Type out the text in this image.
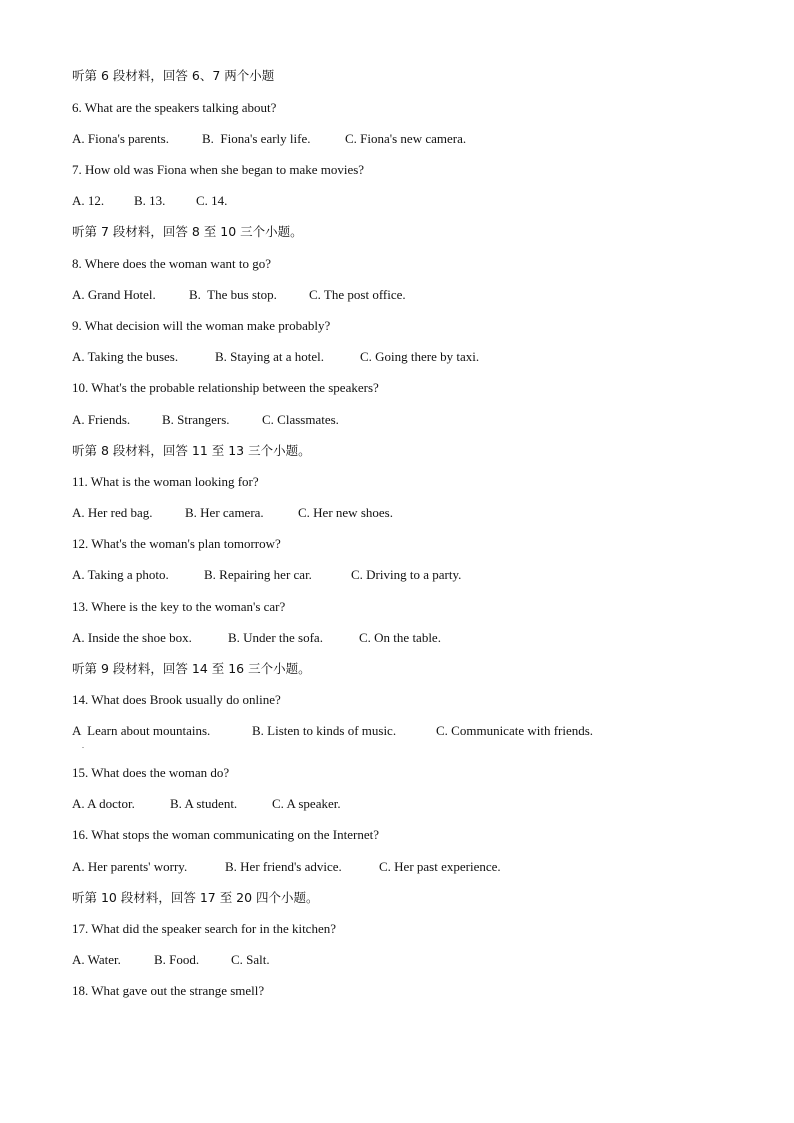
.
听第 6 段材料，回答 6、7 两个小题
6. What are the speakers talking about?
A. Fiona's parents.	B.  Fiona's early life.	C. Fiona's new camera.
7. How old was Fiona when she began to make movies?
A. 12. B. 13. C. 14.
听第 7 段材料，回答 8 至 10 三个小题。
8. Where does the woman want to go?
A. Grand Hotel.	B.  The bus stop. C. The post office.
9. What decision will the woman make probably?
A. Taking the buses.	B. Staying at a hotel.	C. Going there by taxi.
10. What's the probable relationship between the speakers?
A. Friends. B. Strangers. C. Classmates.
听第 8 段材料，回答 11 至 13 三个小题。
11. What is the woman looking for?
A. Her red bag.	B. Her camera.	C. Her new shoes.
12. What's the woman's plan tomorrow?
A. Taking a photo.	B. Repairing her car.	C. Driving to a party.
13. Where is the key to the woman's car?
A. Inside the shoe box.	B. Under the sofa.	C. On the table.
听第 9 段材料，回答 14 至 16 三个小题。
14. What does Brook usually do online?
A  Learn about mountains.	B. Listen to kinds of music.	C. Communicate with friends.
15. What does the woman do?
A. A doctor.	B. A student.	C. A speaker.
16. What stops the woman communicating on the Internet?
A. Her parents' worry.	B. Her friend's advice.	C. Her past experience.
听第 10 段材料，回答 17 至 20 四个小题。
17. What did the speaker search for in the kitchen?
A. Water.	B. Food. C. Salt.
18. What gave out the strange smell?
